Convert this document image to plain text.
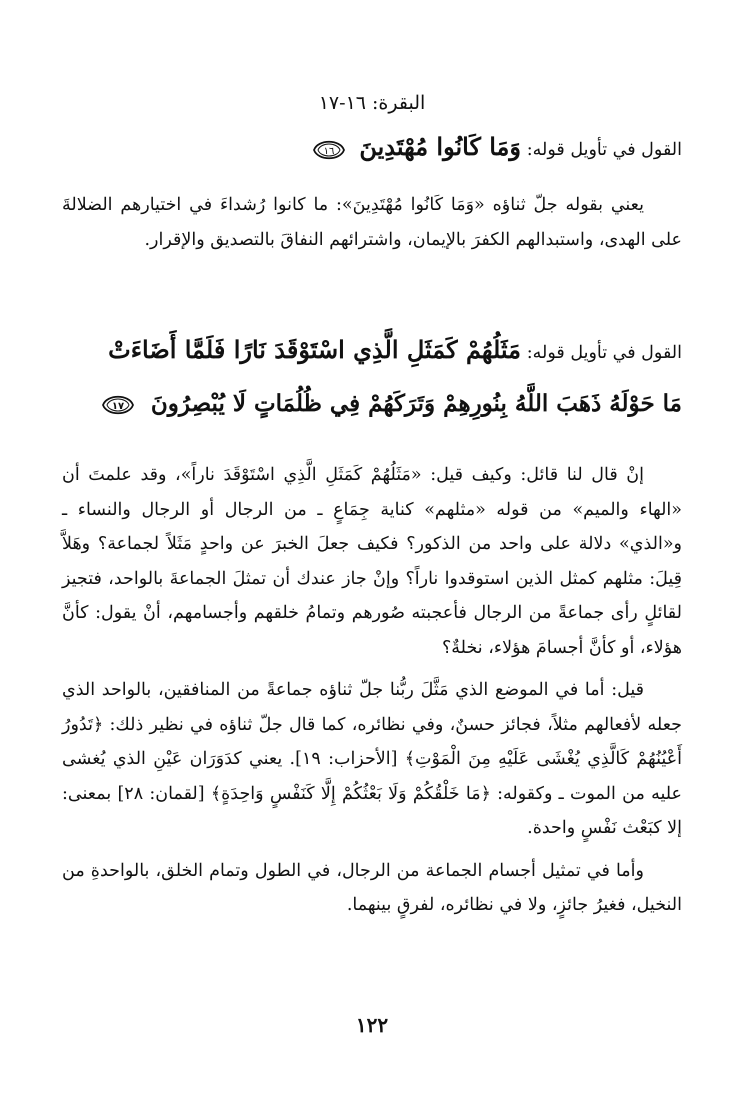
البقرة: ١٦-١٧
القول في تأويل قوله: وَمَا كَانُوا مُهْتَدِينَ
١٦

يعني بقوله جلّ ثناؤه «وَمَا كَانُوا مُهْتَدِينَ»: ما كانوا رُشداءَ في اختيارهم الضلالةَ على الهدى، واستبدالهم الكفرَ بالإيمان، واشترائهم النفاقَ بالتصديق والإقرار.

القول في تأويل قوله: مَثَلُهُمْ كَمَثَلِ الَّذِي اسْتَوْقَدَ نَارًا فَلَمَّا أَضَاءَتْ
مَا حَوْلَهُ ذَهَبَ اللَّهُ بِنُورِهِمْ وَتَرَكَهُمْ فِي ظُلُمَاتٍ لَا يُبْصِرُونَ
١٧

إنْ قال لنا قائل: وكيف قيل: «مَثَلُهُمْ كَمَثَلِ الَّذِي اسْتَوْقَدَ ناراً»، وقد علمتَ أن «الهاء والميم» من قوله «مثلهم» كناية جِمَاعٍ ـ من الرجال أو الرجال والنساء ـ و«الذي» دلالة على واحد من الذكور؟ فكيف جعلَ الخبرَ عن واحدٍ مَثَلاً لجماعة؟ وهَلاَّ قِيلَ: مثلهم كمثل الذين استوقدوا ناراً؟ وإنْ جاز عندك أن تمثلَ الجماعةَ بالواحد، فتجيز لقائلٍ رأى جماعةً من الرجال فأعجبته صُورهم وتمامُ خلقهم وأجسامهم، أنْ يقول: كأنَّ هؤلاء، أو كأنَّ أجسامَ هؤلاء، نخلةٌ؟

قيل: أما في الموضع الذي مَثَّلَ ربُّنا جلّ ثناؤه جماعةً من المنافقين، بالواحد الذي جعله لأفعالهم مثلاً، فجائز حسنٌ، وفي نظائره، كما قال جلّ ثناؤه في نظير ذلك: ﴿تَدُورُ أَعْيُنُهُمْ كَالَّذِي يُغْشَى عَلَيْهِ مِنَ الْمَوْتِ﴾ [الأحزاب: ١٩]. يعني كدَوَرَان عَيْنِ الذي يُغشى عليه من الموت ـ وكقوله: ﴿مَا خَلْقُكُمْ وَلَا بَعْثُكُمْ إِلَّا كَنَفْسٍ وَاحِدَةٍ﴾ [لقمان: ٢٨] بمعنى: إلا كبَعْث نَفْسٍ واحدة.

وأما في تمثيل أجسام الجماعة من الرجال، في الطول وتمام الخلق، بالواحدةِ من النخيل، فغيرُ جائزٍ، ولا في نظائره، لفرقٍ بينهما.

١٢٢
